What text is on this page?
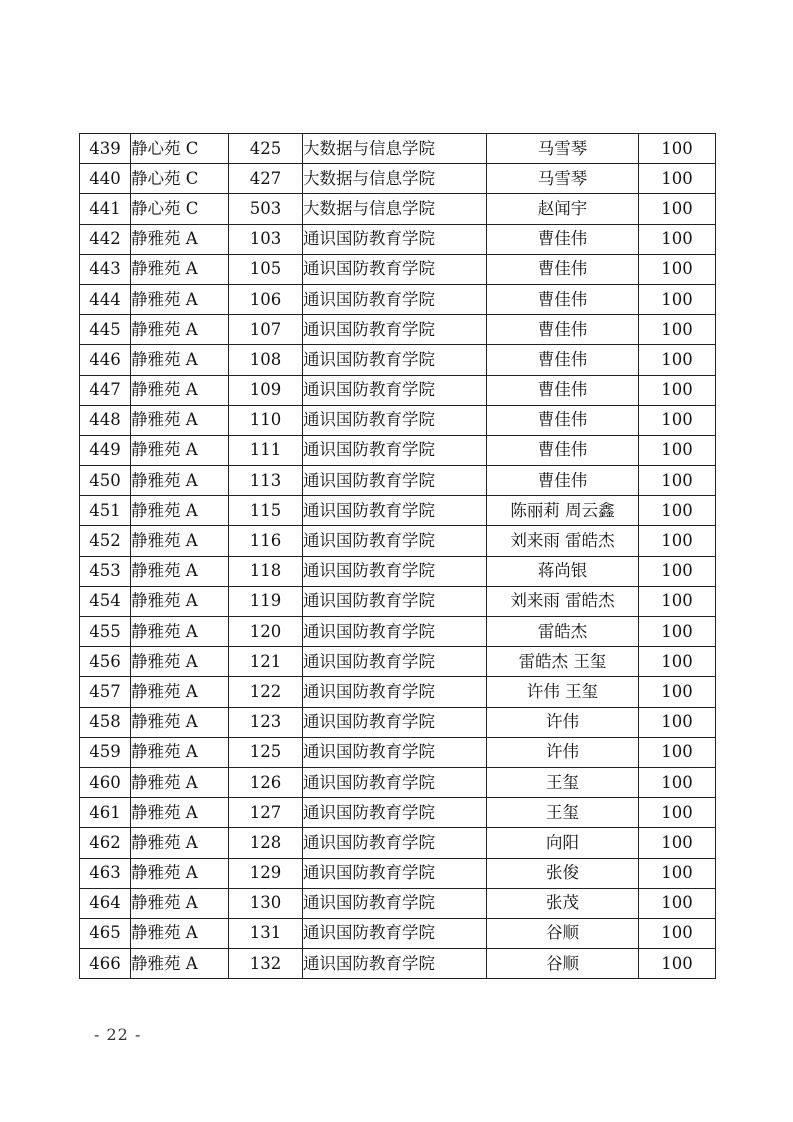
439	静心苑 C	425	大数据与信息学院	马雪琴	100
440	静心苑 C	427	大数据与信息学院	马雪琴	100
441	静心苑 C	503	大数据与信息学院	赵闻宇	100
442	静雅苑 A	103	通识国防教育学院	曹佳伟	100
443	静雅苑 A	105	通识国防教育学院	曹佳伟	100
444	静雅苑 A	106	通识国防教育学院	曹佳伟	100
445	静雅苑 A	107	通识国防教育学院	曹佳伟	100
446	静雅苑 A	108	通识国防教育学院	曹佳伟	100
447	静雅苑 A	109	通识国防教育学院	曹佳伟	100
448	静雅苑 A	110	通识国防教育学院	曹佳伟	100
449	静雅苑 A	111	通识国防教育学院	曹佳伟	100
450	静雅苑 A	113	通识国防教育学院	曹佳伟	100
451	静雅苑 A	115	通识国防教育学院	陈丽莉 周云鑫	100
452	静雅苑 A	116	通识国防教育学院	刘来雨 雷皓杰	100
453	静雅苑 A	118	通识国防教育学院	蒋尚银	100
454	静雅苑 A	119	通识国防教育学院	刘来雨 雷皓杰	100
455	静雅苑 A	120	通识国防教育学院	雷皓杰	100
456	静雅苑 A	121	通识国防教育学院	雷皓杰 王玺	100
457	静雅苑 A	122	通识国防教育学院	许伟 王玺	100
458	静雅苑 A	123	通识国防教育学院	许伟	100
459	静雅苑 A	125	通识国防教育学院	许伟	100
460	静雅苑 A	126	通识国防教育学院	王玺	100
461	静雅苑 A	127	通识国防教育学院	王玺	100
462	静雅苑 A	128	通识国防教育学院	向阳	100
463	静雅苑 A	129	通识国防教育学院	张俊	100
464	静雅苑 A	130	通识国防教育学院	张茂	100
465	静雅苑 A	131	通识国防教育学院	谷顺	100
466	静雅苑 A	132	通识国防教育学院	谷顺	100
- 22 -
